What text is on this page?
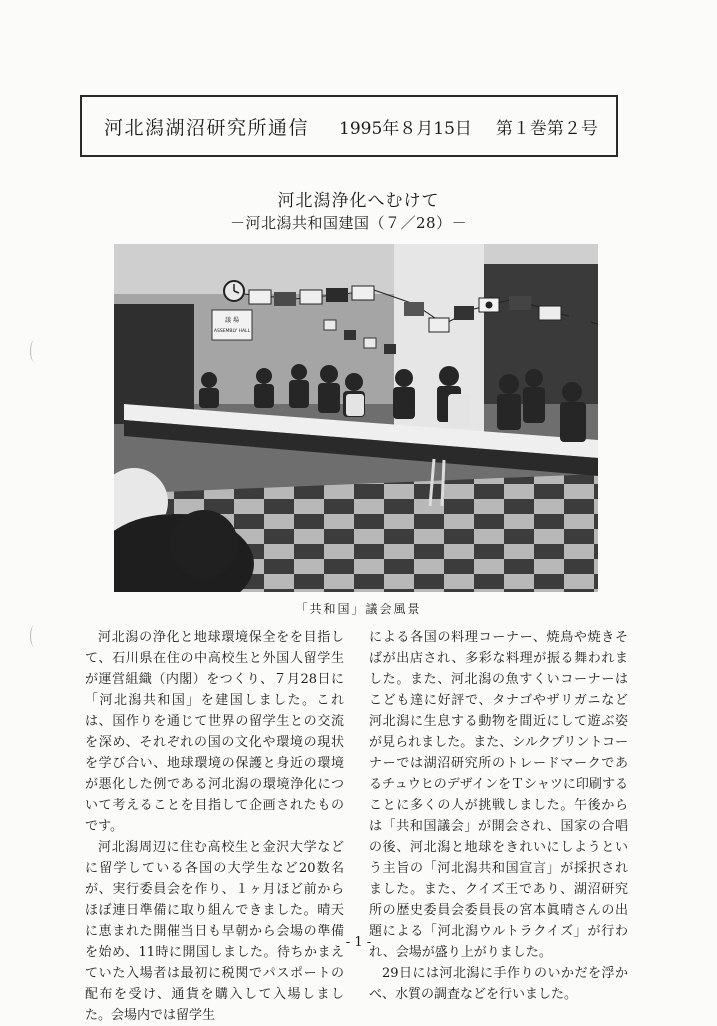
河北潟湖沼研究所通信 1995年８月15日 第１巻第２号
河北潟浄化へむけて
－河北潟共和国建国（７／28）－
議 場
ASSEMBLY HALL
「共和国」議会風景

河北潟の浄化と地球環境保全をを目指して、石川県在住の中高校生と外国人留学生が運営組織（内閣）をつくり、７月28日に「河北潟共和国」を建国しました。これは、国作りを通じて世界の留学生との交流を深め、それぞれの国の文化や環境の現状を学び合い、地球環境の保護と身近の環境が悪化した例である河北潟の環境浄化について考えることを目指して企画されたものです。

河北潟周辺に住む高校生と金沢大学などに留学している各国の大学生など20数名が、実行委員会を作り、１ヶ月ほど前からほぼ連日準備に取り組んできました。晴天に恵まれた開催当日も早朝から会場の準備を始め、11時に開国しました。待ちかまえていた入場者は最初に税関でパスポートの配布を受け、通貨を購入して入場しました。会場内では留学生

による各国の料理コーナー、焼鳥や焼きそばが出店され、多彩な料理が振る舞われました。また、河北潟の魚すくいコーナーはこども達に好評で、タナゴやザリガニなど河北潟に生息する動物を間近にして遊ぶ姿が見られました。また、シルクプリントコーナーでは湖沼研究所のトレードマークであるチュウヒのデザインをＴシャツに印刷することに多くの人が挑戦しました。午後からは「共和国議会」が開会され、国家の合唱の後、河北潟と地球をきれいにしようという主旨の「河北潟共和国宣言」が採択されました。また、クイズ王であり、湖沼研究所の歴史委員会委員長の宮本眞晴さんの出題による「河北潟ウルトラクイズ」が行われ、会場が盛り上がりました。

29日には河北潟に手作りのいかだを浮かべ、水質の調査などを行いました。

- 1 -
